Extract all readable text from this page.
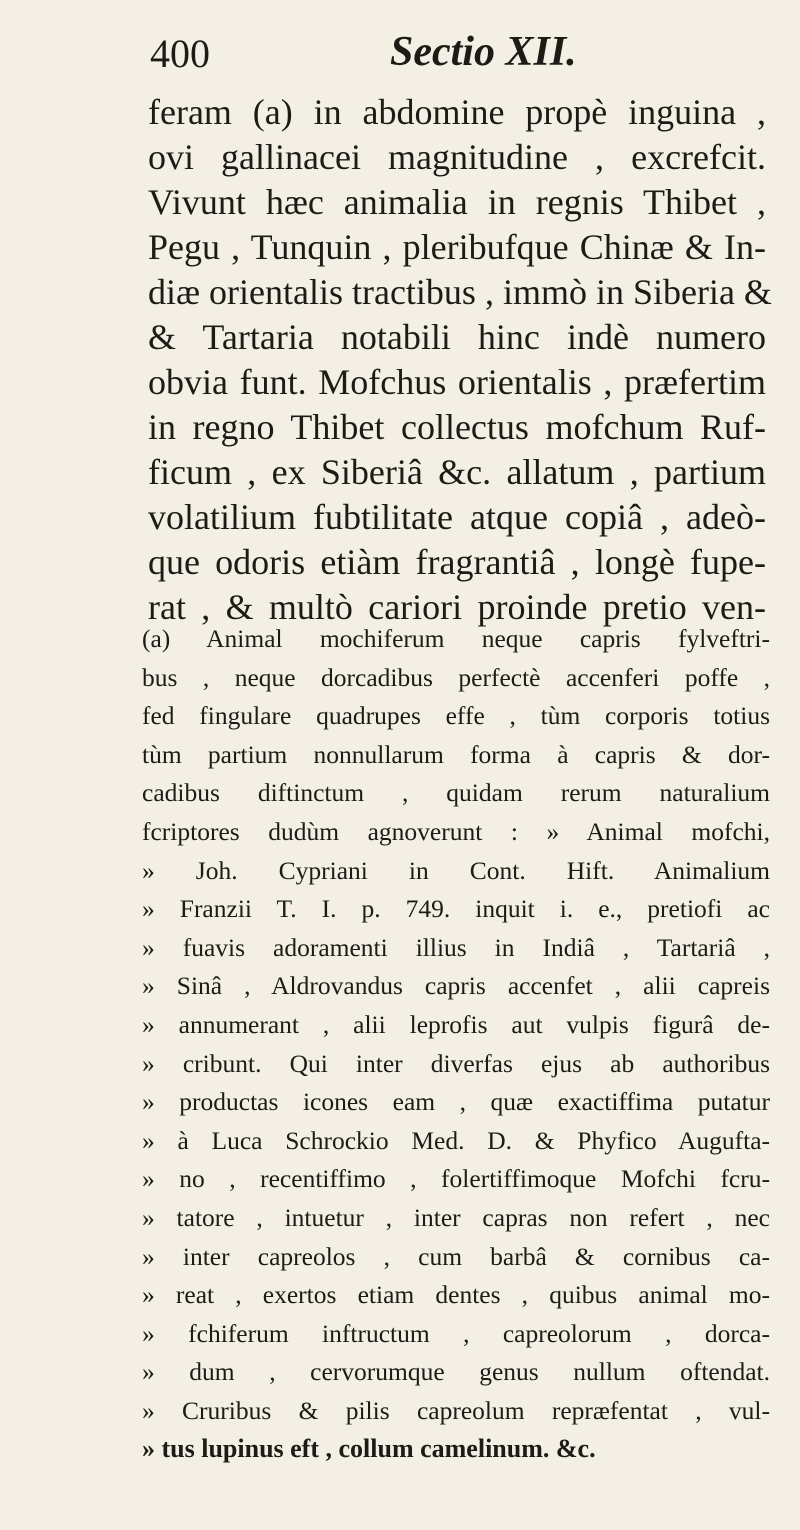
400	Sectio XII.
feram (a) in abdomine propè inguina ,
ovi gallinacei magnitudine , excrefcit.
Vivunt hæc animalia in regnis Thibet ,
Pegu , Tunquin , pleribufque Chinæ & In-
diæ orientalis tractibus , immò in Siberia &
& Tartaria notabili hinc indè numero
obvia funt. Mofchus orientalis , præfertim
in regno Thibet collectus mofchum Ruf-
ficum , ex Siberiâ &c. allatum , partium
volatilium fubtilitate atque copiâ , adeò-
que odoris etiàm fragrantiâ , longè fupe-
rat , & multò cariori proinde pretio ven-
(a) Animal mochiferum neque capris fylveftri-
bus , neque dorcadibus perfectè accenferi poffe ,
fed fingulare quadrupes effe , tùm corporis totius
tùm partium nonnullarum forma à capris & dor-
cadibus diftinctum , quidam rerum naturalium
fcriptores dudùm agnoverunt : » Animal mofchi,
» Joh. Cypriani in Cont. Hift. Animalium
» Franzii T. I. p. 749. inquit i. e., pretiofi ac
» fuavis adoramenti illius in Indiâ , Tartariâ ,
» Sinâ , Aldrovandus capris accenfet , alii capreis
» annumerant , alii leprofis aut vulpis figurâ de-
» cribunt. Qui inter diverfas ejus ab authoribus
» productas icones eam , quæ exactiffima putatur
» à Luca Schrockio Med. D. & Phyfico Augufta-
» no , recentiffimo , folertiffimoque Mofchi fcru-
» tatore , intuetur , inter capras non refert , nec
» inter capreolos , cum barbâ & cornibus ca-
» reat , exertos etiam dentes , quibus animal mo-
» fchiferum inftructum , capreolorum , dorca-
» dum , cervorumque genus nullum oftendat.
» Cruribus & pilis capreolum repræfentat , vul-
» tus lupinus eft , collum camelinum. &c.
